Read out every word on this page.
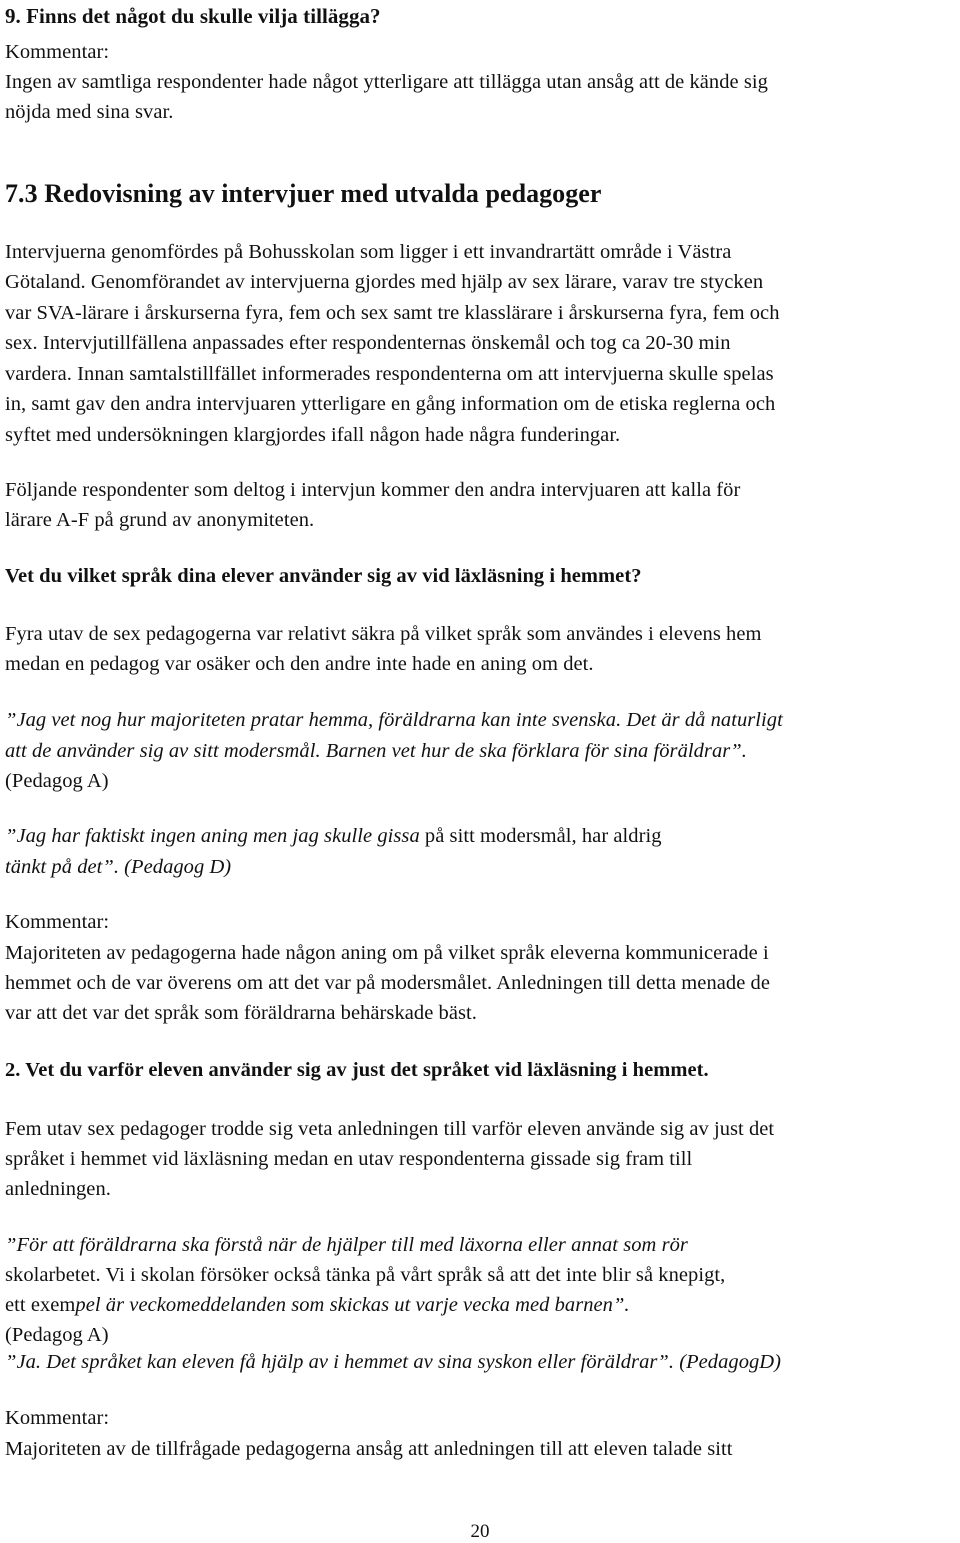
9. Finns det något du skulle vilja tillägga?
Kommentar:
Ingen av samtliga respondenter hade något ytterligare att tillägga utan ansåg att de kände sig
nöjda med sina svar.
7.3 Redovisning av intervjuer med utvalda pedagoger
Intervjuerna genomfördes på Bohusskolan som ligger i ett invandrartätt område i Västra
Götaland. Genomförandet av intervjuerna gjordes med hjälp av sex lärare, varav tre stycken
var SVA-lärare i årskurserna fyra, fem och sex samt tre klasslärare i årskurserna fyra, fem och
sex. Intervjutillfällena anpassades efter respondenternas önskemål och tog ca 20-30 min
vardera. Innan samtalstillfället informerades respondenterna om att intervjuerna skulle spelas
in, samt gav den andra intervjuaren ytterligare en gång information om de etiska reglerna och
syftet med undersökningen klargjordes ifall någon hade några funderingar.
Följande respondenter som deltog i intervjun kommer den andra intervjuaren att kalla för
lärare A-F på grund av anonymiteten.
Vet du vilket språk dina elever använder sig av vid läxläsning i hemmet?
Fyra utav de sex pedagogerna var relativt säkra på vilket språk som användes i elevens hem
medan en pedagog var osäker och den andre inte hade en aning om det.
”Jag vet nog hur majoriteten pratar hemma, föräldrarna kan inte svenska. Det är då naturligt
att de använder sig av sitt modersmål. Barnen vet hur de ska förklara för sina föräldrar”.
(Pedagog A)
”Jag har faktiskt ingen aning men jag skulle gissa på sitt modersmål, har aldrig
tänkt på det”. (Pedagog D)
Kommentar:
Majoriteten av pedagogerna hade någon aning om på vilket språk eleverna kommunicerade i
hemmet och de var överens om att det var på modersmålet. Anledningen till detta menade de
var att det var det språk som föräldrarna behärskade bäst.
2. Vet du varför eleven använder sig av just det språket vid läxläsning i hemmet.
Fem utav sex pedagoger trodde sig veta anledningen till varför eleven använde sig av just det
språket i hemmet vid läxläsning medan en utav respondenterna gissade sig fram till
anledningen.
”För att föräldrarna ska förstå när de hjälper till med läxorna eller annat som rör
skolarbetet. Vi i skolan försöker också tänka på vårt språk så att det inte blir så knepigt,
ett exempel är veckomeddelanden som skickas ut varje vecka med barnen”.
(Pedagog A)
”Ja. Det språket kan eleven få hjälp av i hemmet av sina syskon eller föräldrar”. (PedagogD)
Kommentar:
Majoriteten av de tillfrågade pedagogerna ansåg att anledningen till att eleven talade sitt
20
